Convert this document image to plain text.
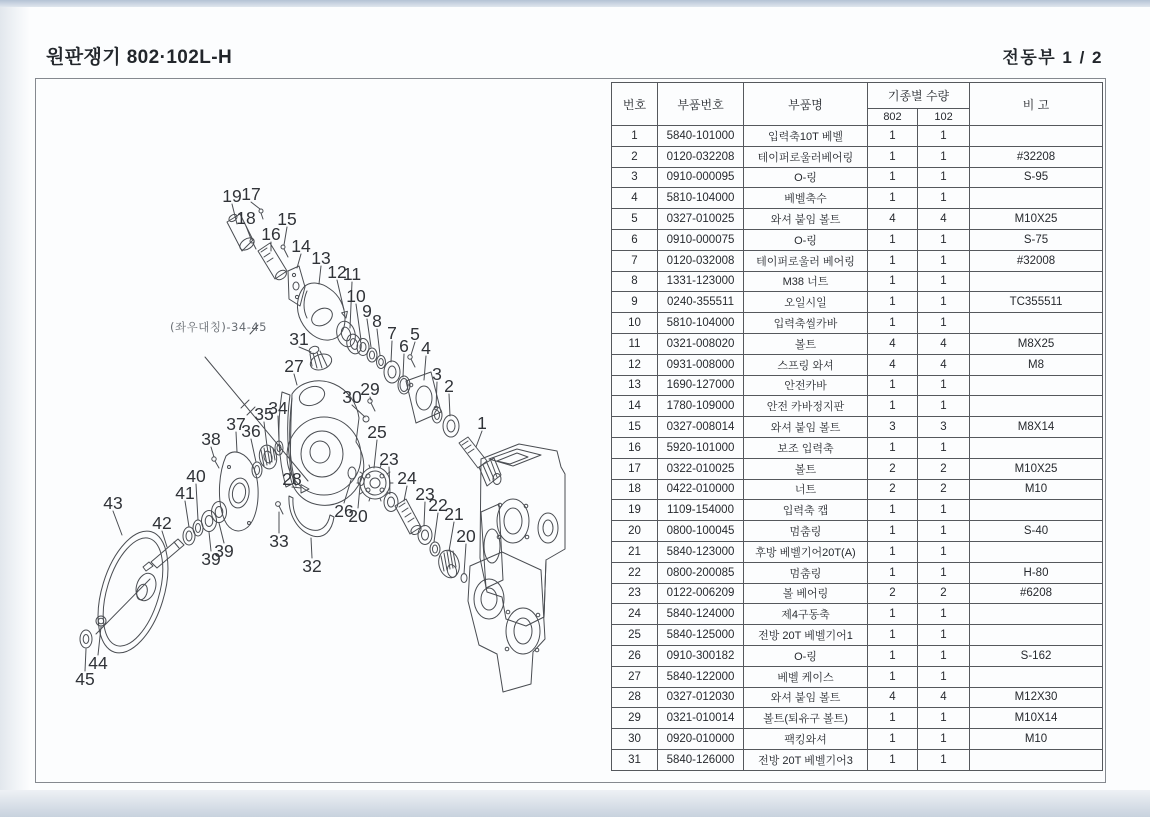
원판쟁기 802·102L-H	전동부 1 / 2
(좌우대칭)-34-45
19 17
18
16
15
14
13
12
11
10
9 8
7
6
5
4
3
2
1
31
27
30
29
25
28
34
35
36
37
38
40
41
39
39
42
43
44
45
33
32
26
20
23
24
23
22
21
20
번호	부품번호	부품명	기종별 수량		비 고
			802	102	
1	5840-101000	입력축10T 베벨	1	1	
2	0120-032208	테이퍼로울러베어링	1	1	#32208
3	0910-000095	O-링	1	1	S-95
4	5810-104000	베벨축수	1	1	
5	0327-010025	와셔 붙임 볼트	4	4	M10X25
6	0910-000075	O-링	1	1	S-75
7	0120-032008	테이퍼로울러 베어링	1	1	#32008
8	1331-123000	M38 너트	1	1	
9	0240-355511	오일시일	1	1	TC355511
10	5810-104000	입력축씰카바	1	1	
11	0321-008020	볼트	4	4	M8X25
12	0931-008000	스프링 와셔	4	4	M8
13	1690-127000	안전카바	1	1	
14	1780-109000	안전 카바정지판	1	1	
15	0327-008014	와셔 붙임 볼트	3	3	M8X14
16	5920-101000	보조 입력축	1	1	
17	0322-010025	볼트	2	2	M10X25
18	0422-010000	너트	2	2	M10
19	1109-154000	입력축 캡	1	1	
20	0800-100045	멈춤링	1	1	S-40
21	5840-123000	후방 베벨기어20T(A)	1	1	
22	0800-200085	멈춤링	1	1	H-80
23	0122-006209	볼 베어링	2	2	#6208
24	5840-124000	제4구동축	1	1	
25	5840-125000	전방 20T 베벨기어1	1	1	
26	0910-300182	O-링	1	1	S-162
27	5840-122000	베벨 케이스	1	1	
28	0327-012030	와셔 붙임 볼트	4	4	M12X30
29	0321-010014	볼트(퇴유구 볼트)	1	1	M10X14
30	0920-010000	팩킹와셔	1	1	M10
31	5840-126000	전방 20T 베벨기어3	1	1	
